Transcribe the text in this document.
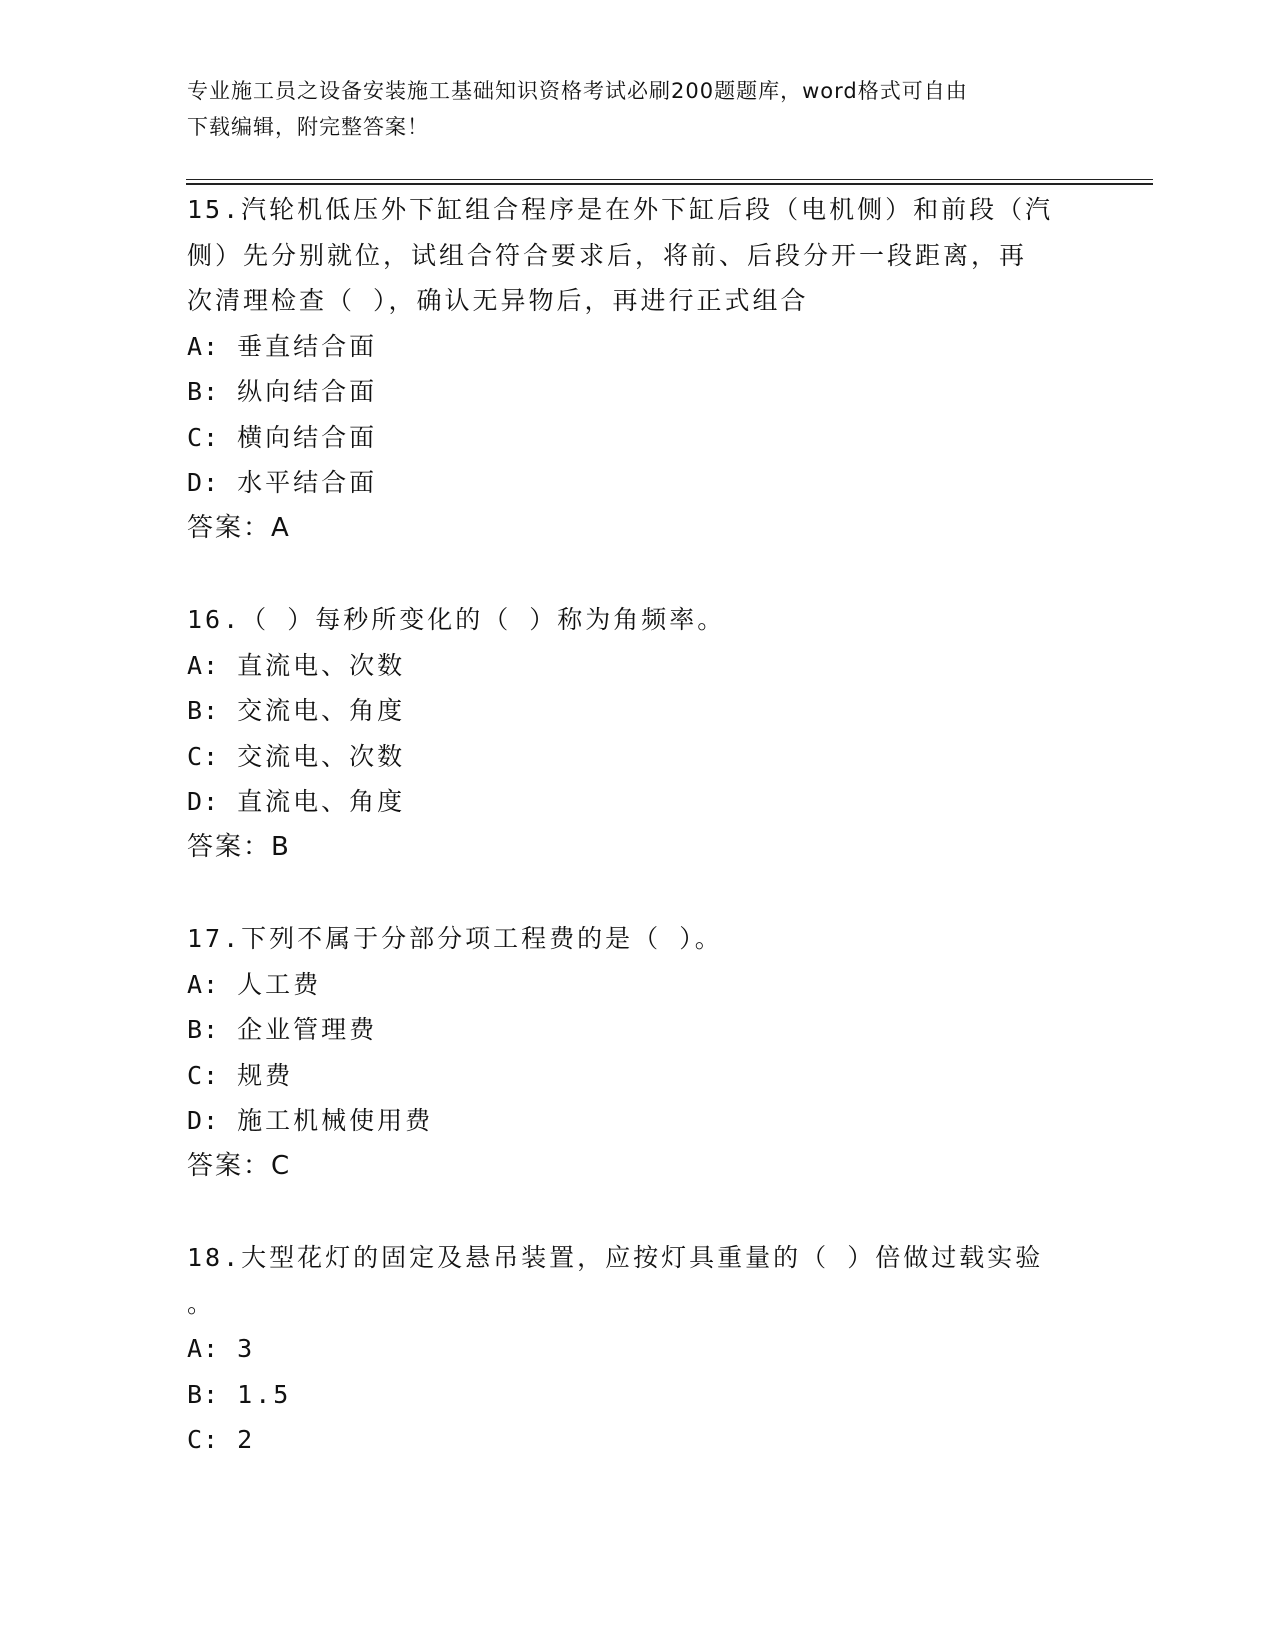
专业施工员之设备安装施工基础知识资格考试必刷200题题库，word格式可自由
下载编辑，附完整答案！
15.汽轮机低压外下缸组合程序是在外下缸后段（电机侧）和前段（汽
侧）先分别就位，试组合符合要求后，将前、后段分开一段距离，再
次清理检查（ ），确认无异物后，再进行正式组合
A: 垂直结合面
B: 纵向结合面
C: 横向结合面
D: 水平结合面
答案：A
16.（ ）每秒所变化的（ ）称为角频率。
A: 直流电、次数
B: 交流电、角度
C: 交流电、次数
D: 直流电、角度
答案：B
17.下列不属于分部分项工程费的是（ ）。
A: 人工费
B: 企业管理费
C: 规费
D: 施工机械使用费
答案：C
18.大型花灯的固定及悬吊装置，应按灯具重量的（ ）倍做过载实验
。
A: 3
B: 1.5
C: 2
